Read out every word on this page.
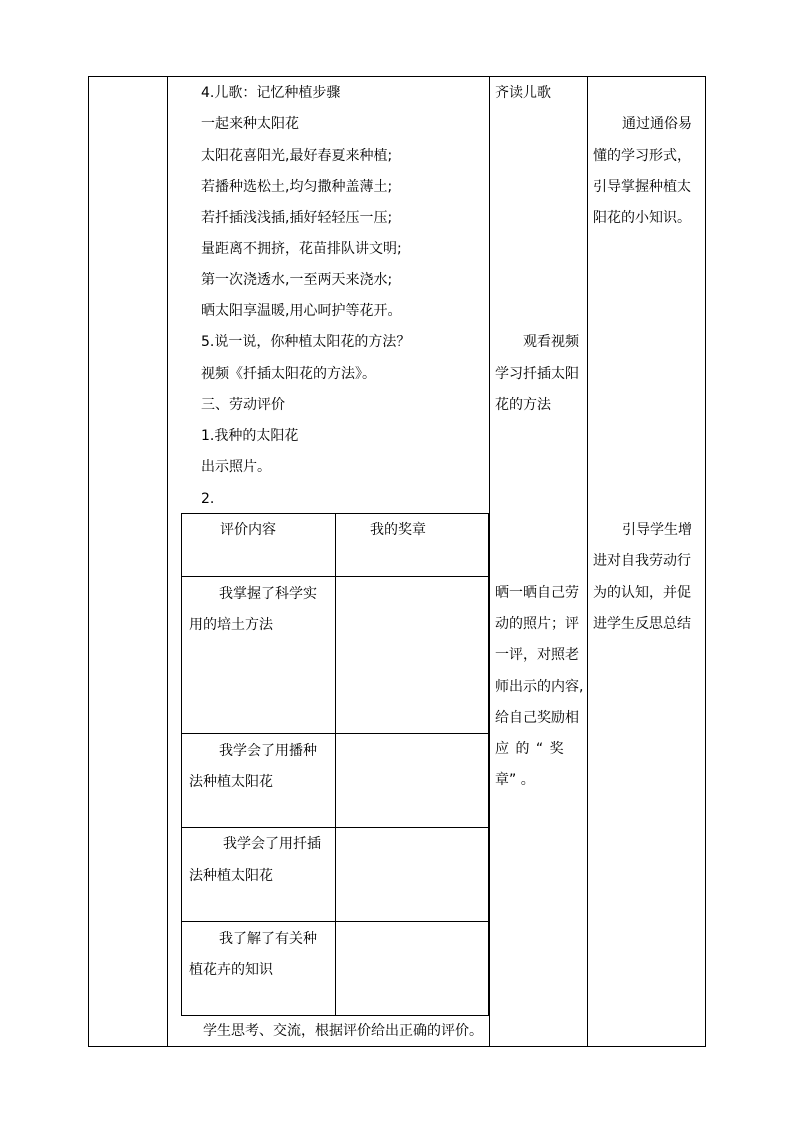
4.儿歌：记忆种植步骤
一起来种太阳花
太阳花喜阳光,最好春夏来种植;
若播种选松土,均匀撒种盖薄土;
若扦插浅浅插,插好轻轻压一压;
量距离不拥挤，花苗排队讲文明;
第一次浇透水,一至两天来浇水;
晒太阳享温暖,用心呵护等花开。
5.说一说，你种植太阳花的方法？
视频《扦插太阳花的方法》。
三、劳动评价
1.我种的太阳花
出示照片。
2.
学生思考、交流，根据评价给出正确的评价。
评价内容	我的奖章
我掌握了科学实
用的培土方法
我学会了用播种
法种植太阳花
我学会了用扦插
法种植太阳花
我了解了有关种
植花卉的知识
齐读儿歌
观看视频
学习扦插太阳
花的方法
晒一晒自己劳
动的照片；评
一评，对照老
师出示的内容,
给自己奖励相
应 的 “ 奖
章” 。
通过通俗易
懂的学习形式，
引导掌握种植太
阳花的小知识。
引导学生增
进对自我劳动行
为的认知，并促
进学生反思总结
